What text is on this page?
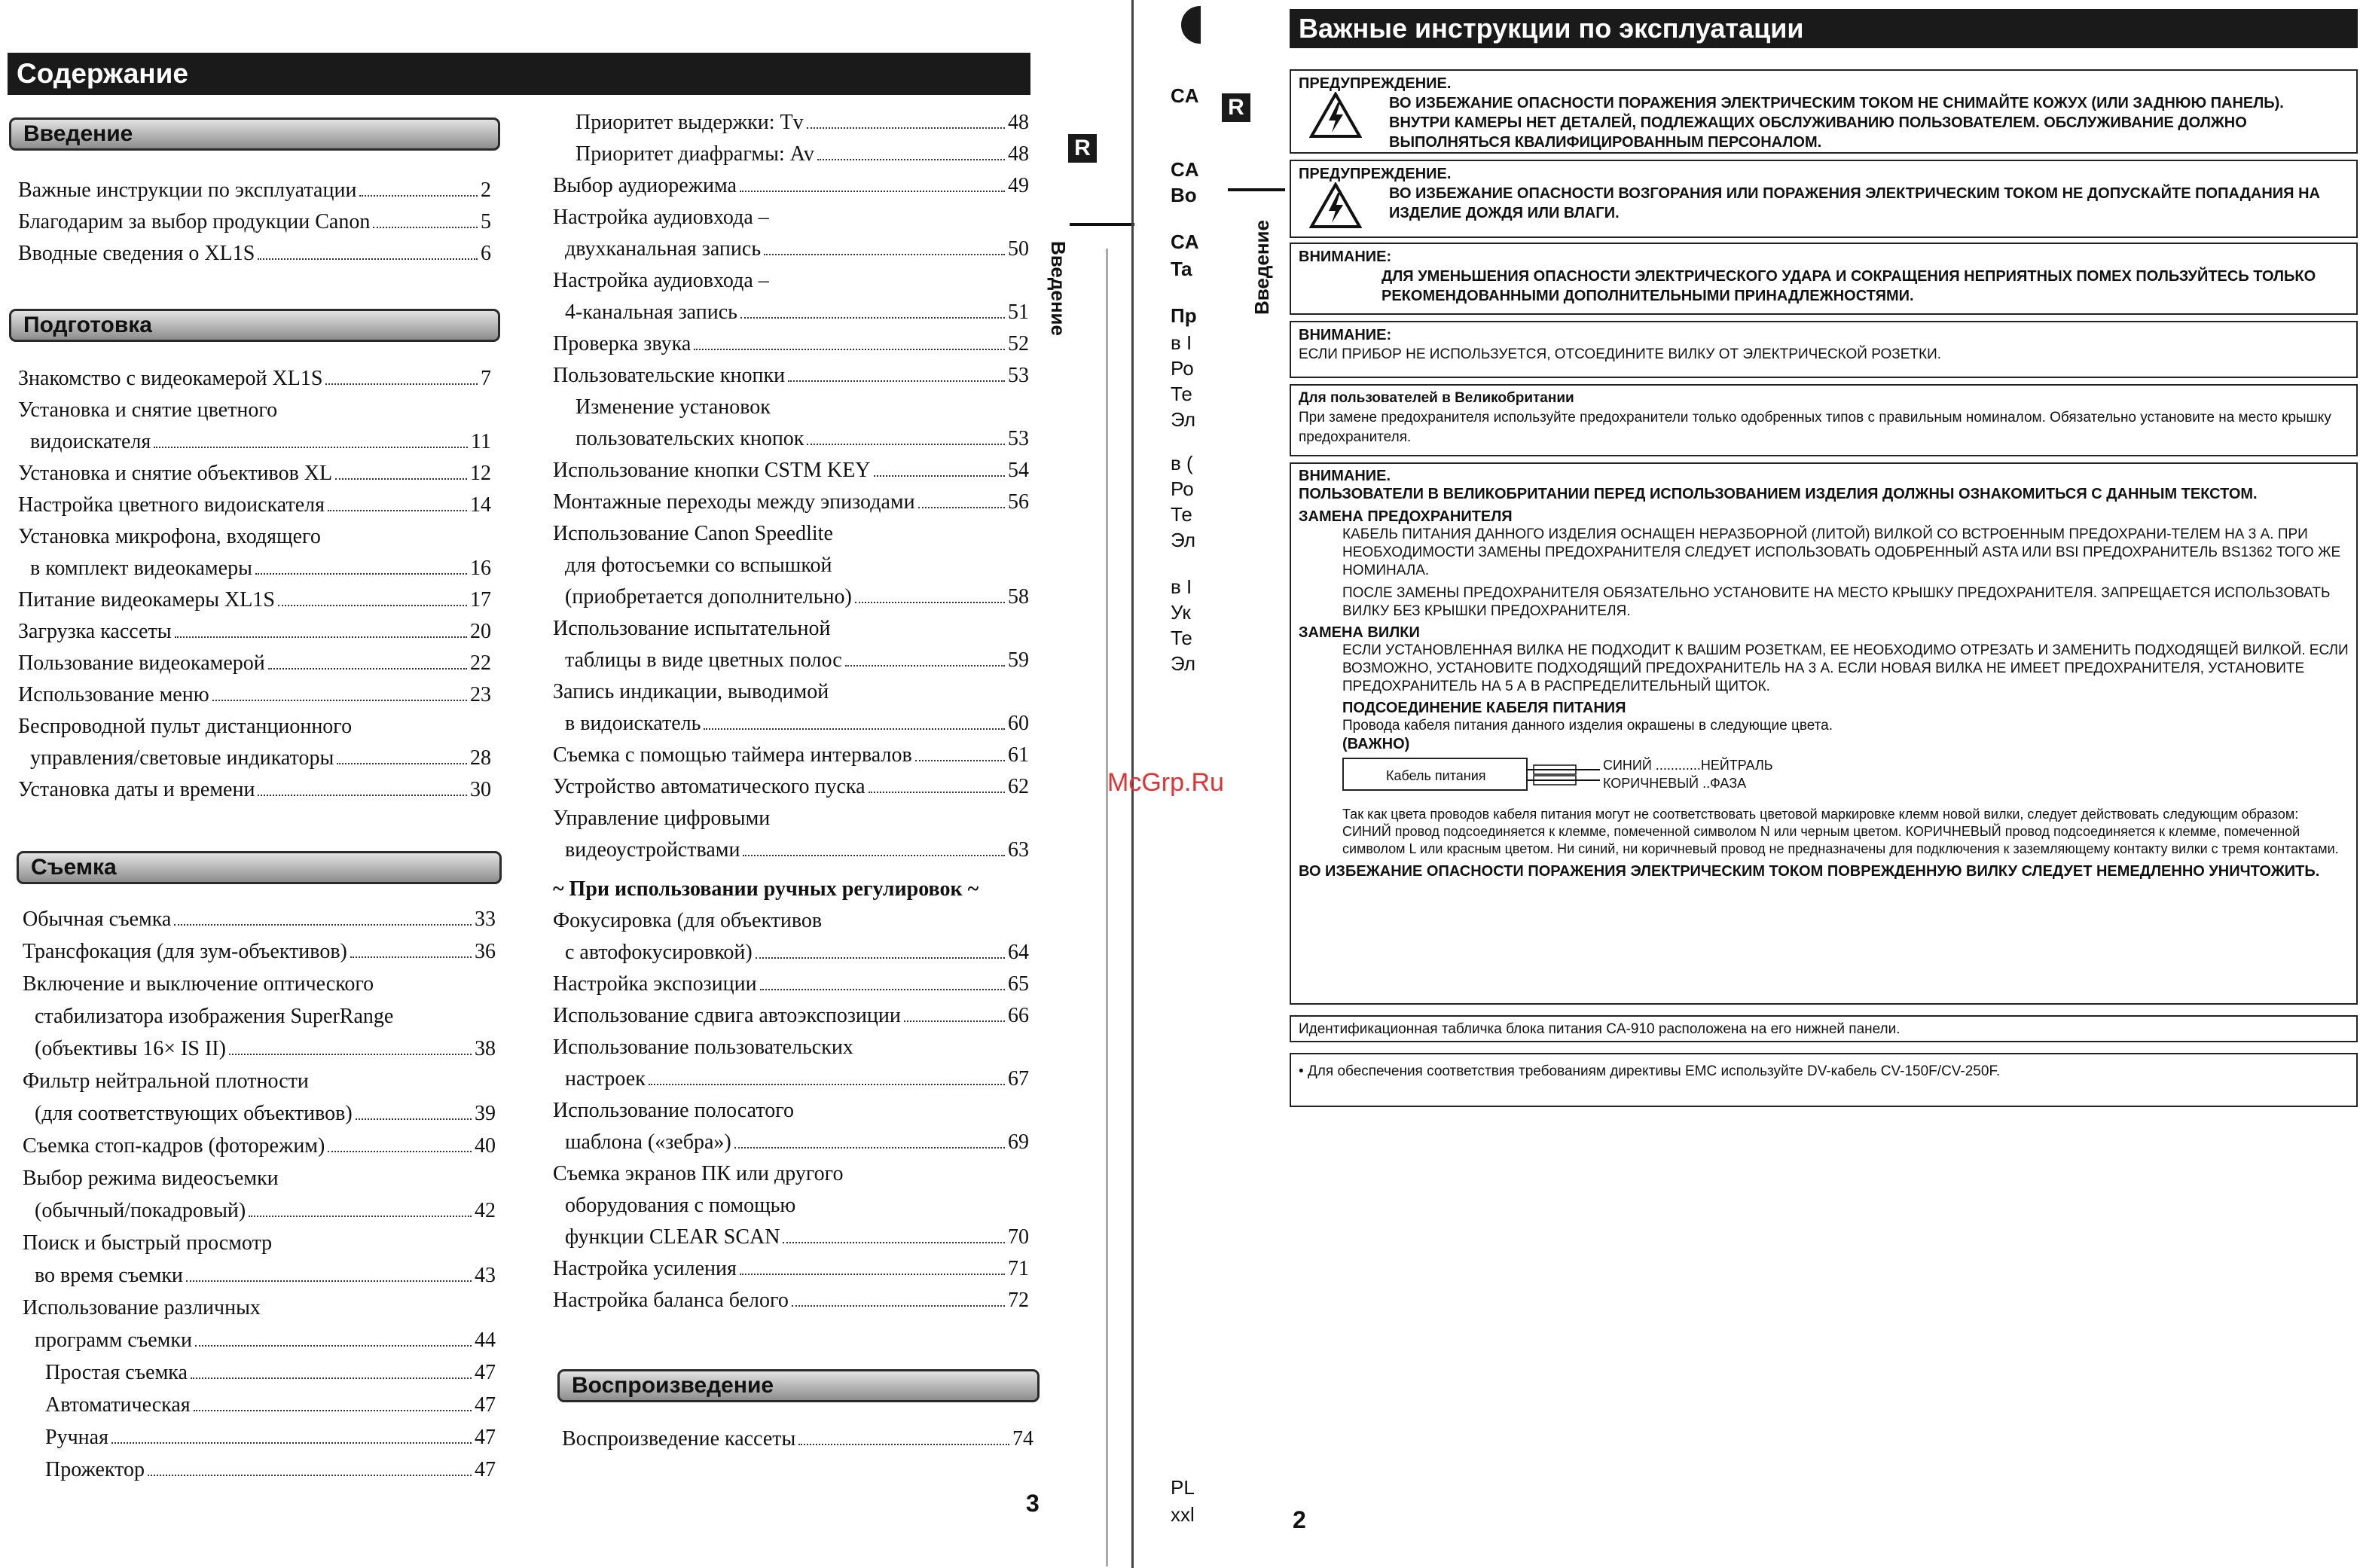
Содержание
Введение
Подготовка
Съемка
Воспроизведение
Важные инструкции по эксплуатации	2
Благодарим за выбор продукции Canon	5
Вводные сведения о XL1S	6
Знакомство с видеокамерой XL1S	7
Установка и снятие цветного
видоискателя	11
Установка и снятие объективов XL	12
Настройка цветного видоискателя	14
Установка микрофона, входящего
в комплект видеокамеры	16
Питание видеокамеры XL1S	17
Загрузка кассеты	20
Пользование видеокамерой	22
Использование меню	23
Беспроводной пульт дистанционного
управления/световые индикаторы	28
Установка даты и времени	30
Обычная съемка	33
Трансфокация (для зум-объективов)	36
Включение и выключение оптического
стабилизатора изображения SuperRange
(объективы 16× IS II)	38
Фильтр нейтральной плотности
(для соответствующих объективов)	39
Съемка стоп-кадров (фоторежим)	40
Выбор режима видеосъемки
(обычный/покадровый)	42
Поиск и быстрый просмотр
во время съемки	43
Использование различных
программ съемки	44
Простая съемка	47
Автоматическая	47
Ручная	47
Прожектор	47
Приоритет выдержки: Tv	48
Приоритет диафрагмы: Av	48
Выбор аудиорежима	49
Настройка аудиовхода –
двухканальная запись	50
Настройка аудиовхода –
4-канальная запись	51
Проверка звука	52
Пользовательские кнопки	53
Изменение установок
пользовательских кнопок	53
Использование кнопки CSTM KEY	54
Монтажные переходы между эпизодами	56
Использование Canon Speedlite
для фотосъемки со вспышкой
(приобретается дополнительно)	58
Использование испытательной
таблицы в виде цветных полос	59
Запись индикации, выводимой
в видоискатель	60
Съемка с помощью таймера интервалов	61
Устройство автоматического пуска	62
Управление цифровыми
видеоустройствами	63
~ При использовании ручных регулировок ~
Фокусировка (для объективов
с автофокусировкой)	64
Настройка экспозиции	65
Использование сдвига автоэкспозиции	66
Использование пользовательских
настроек	67
Использование полосатого
шаблона («зебра»)	69
Съемка экранов ПК или другого
оборудования с помощью
функции CLEAR SCAN	70
Настройка усиления	71
Настройка баланса белого	72
Воспроизведение кассеты	74
R
Введение
3
CA
CA
Bo
CA
Ta
Пр
в I
Ро
Те
Эл
в (
Ро
Те
Эл
в I
Ук
Те
Эл
PL
xxl
McGrp.Ru
R
Введение
Важные инструкции по эксплуатации
ПРЕДУПРЕЖДЕНИЕ.
ВО ИЗБЕЖАНИЕ ОПАСНОСТИ ПОРАЖЕНИЯ ЭЛЕКТРИЧЕСКИМ ТОКОМ НЕ СНИМАЙТЕ КОЖУХ (ИЛИ ЗАДНЮЮ ПАНЕЛЬ). ВНУТРИ КАМЕРЫ НЕТ ДЕТАЛЕЙ, ПОДЛЕЖАЩИХ ОБСЛУЖИВАНИЮ ПОЛЬЗОВАТЕЛЕМ. ОБСЛУЖИВАНИЕ ДОЛЖНО ВЫПОЛНЯТЬСЯ КВАЛИФИЦИРОВАННЫМ ПЕРСОНАЛОМ.
ПРЕДУПРЕЖДЕНИЕ.
ВО ИЗБЕЖАНИЕ ОПАСНОСТИ ВОЗГОРАНИЯ ИЛИ ПОРАЖЕНИЯ ЭЛЕКТРИЧЕСКИМ ТОКОМ НЕ ДОПУСКАЙТЕ ПОПАДАНИЯ НА ИЗДЕЛИЕ ДОЖДЯ ИЛИ ВЛАГИ.
ВНИМАНИЕ:
ДЛЯ УМЕНЬШЕНИЯ ОПАСНОСТИ ЭЛЕКТРИЧЕСКОГО УДАРА И СОКРАЩЕНИЯ НЕПРИЯТНЫХ ПОМЕХ ПОЛЬЗУЙТЕСЬ ТОЛЬКО РЕКОМЕНДОВАННЫМИ ДОПОЛНИТЕЛЬНЫМИ ПРИНАДЛЕЖНОСТЯМИ.
ВНИМАНИЕ:
ЕСЛИ ПРИБОР НЕ ИСПОЛЬЗУЕТСЯ, ОТСОЕДИНИТЕ ВИЛКУ ОТ ЭЛЕКТРИЧЕСКОЙ РОЗЕТКИ.
Для пользователей в Великобритании
При замене предохранителя используйте предохранители только одобренных типов с правильным номиналом. Обязательно установите на место крышку предохранителя.
ВНИМАНИЕ.
ПОЛЬЗОВАТЕЛИ В ВЕЛИКОБРИТАНИИ ПЕРЕД ИСПОЛЬЗОВАНИЕМ ИЗДЕЛИЯ ДОЛЖНЫ ОЗНАКОМИТЬСЯ С ДАННЫМ ТЕКСТОМ.
ЗАМЕНА ПРЕДОХРАНИТЕЛЯ
КАБЕЛЬ ПИТАНИЯ ДАННОГО ИЗДЕЛИЯ ОСНАЩЕН НЕРАЗБОРНОЙ (ЛИТОЙ) ВИЛКОЙ СО ВСТРОЕННЫМ ПРЕДОХРАНИ-ТЕЛЕМ НА 3 А. ПРИ НЕОБХОДИМОСТИ ЗАМЕНЫ ПРЕДОХРАНИТЕЛЯ СЛЕДУЕТ ИСПОЛЬЗОВАТЬ ОДОБРЕННЫЙ ASTA ИЛИ BSI ПРЕДОХРАНИТЕЛЬ BS1362 ТОГО ЖЕ НОМИНАЛА.
ПОСЛЕ ЗАМЕНЫ ПРЕДОХРАНИТЕЛЯ ОБЯЗАТЕЛЬНО УСТАНОВИТЕ НА МЕСТО КРЫШКУ ПРЕДОХРАНИТЕЛЯ. ЗАПРЕЩАЕТСЯ ИСПОЛЬЗОВАТЬ ВИЛКУ БЕЗ КРЫШКИ ПРЕДОХРАНИТЕЛЯ.
ЗАМЕНА ВИЛКИ
ЕСЛИ УСТАНОВЛЕННАЯ ВИЛКА НЕ ПОДХОДИТ К ВАШИМ РОЗЕТКАМ, ЕЕ НЕОБХОДИМО ОТРЕЗАТЬ И ЗАМЕНИТЬ ПОДХОДЯЩЕЙ ВИЛКОЙ. ЕСЛИ ВОЗМОЖНО, УСТАНОВИТЕ ПОДХОДЯЩИЙ ПРЕДОХРАНИТЕЛЬ НА 3 А. ЕСЛИ НОВАЯ ВИЛКА НЕ ИМЕЕТ ПРЕДОХРАНИТЕЛЯ, УСТАНОВИТЕ ПРЕДОХРАНИТЕЛЬ НА 5 А В РАСПРЕДЕЛИТЕЛЬНЫЙ ЩИТОК.
ПОДСОЕДИНЕНИЕ КАБЕЛЯ ПИТАНИЯ
Провода кабеля питания данного изделия окрашены в следующие цвета.
(ВАЖНО)
Кабель питания
СИНИЙ ............НЕЙТРАЛЬ
КОРИЧНЕВЫЙ ..ФАЗА
Так как цвета проводов кабеля питания могут не соответствовать цветовой маркировке клемм новой вилки, следует действовать следующим образом: СИНИЙ провод подсоединяется к клемме, помеченной символом N или черным цветом. КОРИЧНЕВЫЙ провод подсоединяется к клемме, помеченной символом L или красным цветом. Ни синий, ни коричневый провод не предназначены для подключения к заземляющему контакту вилки с тремя контактами.
ВО ИЗБЕЖАНИЕ ОПАСНОСТИ ПОРАЖЕНИЯ ЭЛЕКТРИЧЕСКИМ ТОКОМ ПОВРЕЖДЕННУЮ ВИЛКУ СЛЕДУЕТ НЕМЕДЛЕННО УНИЧТОЖИТЬ.
Идентификационная табличка блока питания CA-910 расположена на его нижней панели.
• Для обеспечения соответствия требованиям директивы EMC используйте DV-кабель CV-150F/CV-250F.
2
